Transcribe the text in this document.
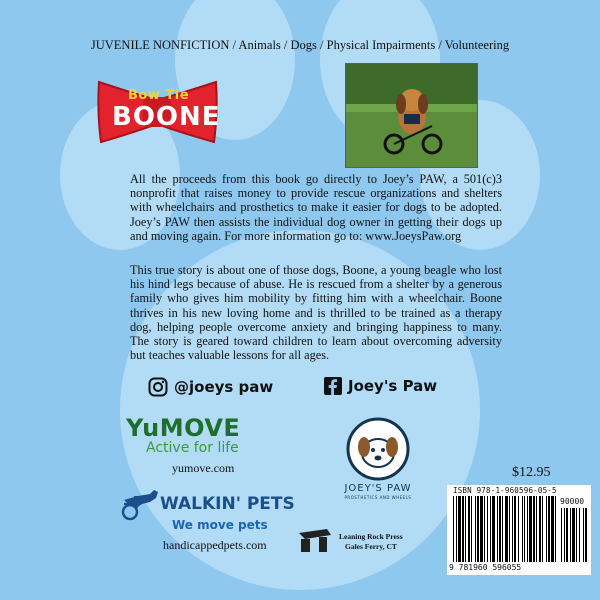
JUVENILE NONFICTION / Animals / Dogs / Physical Impairments / Volunteering
Bow Tie
BOONE
All the proceeds from this book go directly to Joey’s PAW, a 501(c)3 nonprofit that raises money to provide rescue organizations and shelters with wheelchairs and prosthetics to make it easier for dogs to be adopted. Joey’s PAW then assists the individual dog owner in getting their dogs up and moving again. For more information go to: www.JoeysPaw.org
This true story is about one of those dogs, Boone, a young beagle who lost his hind legs because of abuse. He is rescued from a shelter by a generous family who gives him mobility by fitting him with a wheelchair. Boone thrives in his new loving home and is thrilled to be trained as a therapy dog, helping people overcome anxiety and bringing happiness to many. The story is geared toward children to learn about overcoming adversity but teaches valuable lessons for all ages.
@joeys paw	Joey's Paw
YuMOVE
Active for life
yumove.com
JOEY'S PAW
PROSTHETICS AND WHEELS
WALKIN' PETS
We move pets
handicappedpets.com
Leaning Rock Press
Gales Ferry, CT
$12.95
ISBN 978-1-960596-05-5
90000
9 781960 596055
